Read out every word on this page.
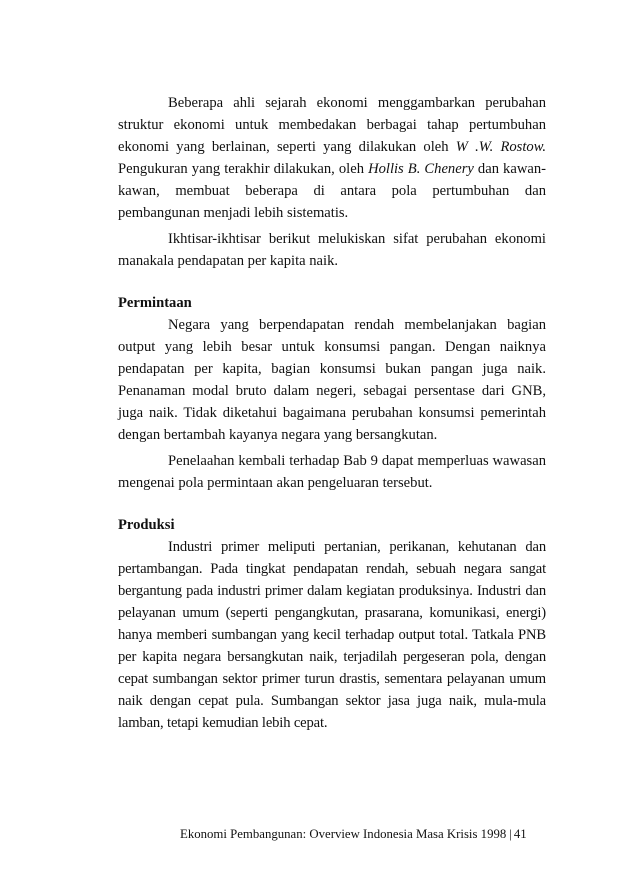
Beberapa ahli sejarah ekonomi menggambarkan perubahan struktur ekonomi untuk membedakan berbagai tahap pertumbuhan ekonomi yang berlainan, seperti yang dilakukan oleh W .W. Rostow. Pengukuran yang terakhir dilakukan, oleh Hollis B. Chenery dan kawan-kawan, membuat beberapa di antara pola pertumbuhan dan pembangunan menjadi lebih sistematis.

Ikhtisar-ikhtisar berikut melukiskan sifat perubahan ekonomi manakala pendapatan per kapita naik.

Permintaan

Negara yang berpendapatan rendah membelanjakan bagian output yang lebih besar untuk konsumsi pangan. Dengan naiknya pendapatan per kapita, bagian konsumsi bukan pangan juga naik. Penanaman modal bruto dalam negeri, sebagai persentase dari GNB, juga naik. Tidak diketahui bagaimana perubahan konsumsi pemerintah dengan bertambah kayanya negara yang bersangkutan.

Penelaahan kembali terhadap Bab 9 dapat memperluas wawasan mengenai pola permintaan akan pengeluaran tersebut.

Produksi

Industri primer meliputi pertanian, perikanan, kehutanan dan pertambangan. Pada tingkat pendapatan rendah, sebuah negara sangat bergantung pada industri primer dalam kegiatan produksinya. Industri dan pelayanan umum (seperti pengangkutan, prasarana, komunikasi, energi) hanya memberi sumbangan yang kecil terhadap output total. Tatkala PNB per kapita negara bersangkutan naik, terjadilah pergeseran pola, dengan cepat sumbangan sektor primer turun drastis, sementara pelayanan umum naik dengan cepat pula. Sumbangan sektor jasa juga naik, mula-mula lamban, tetapi kemudian lebih cepat.

Ekonomi Pembangunan: Overview Indonesia Masa Krisis 1998 | 41
